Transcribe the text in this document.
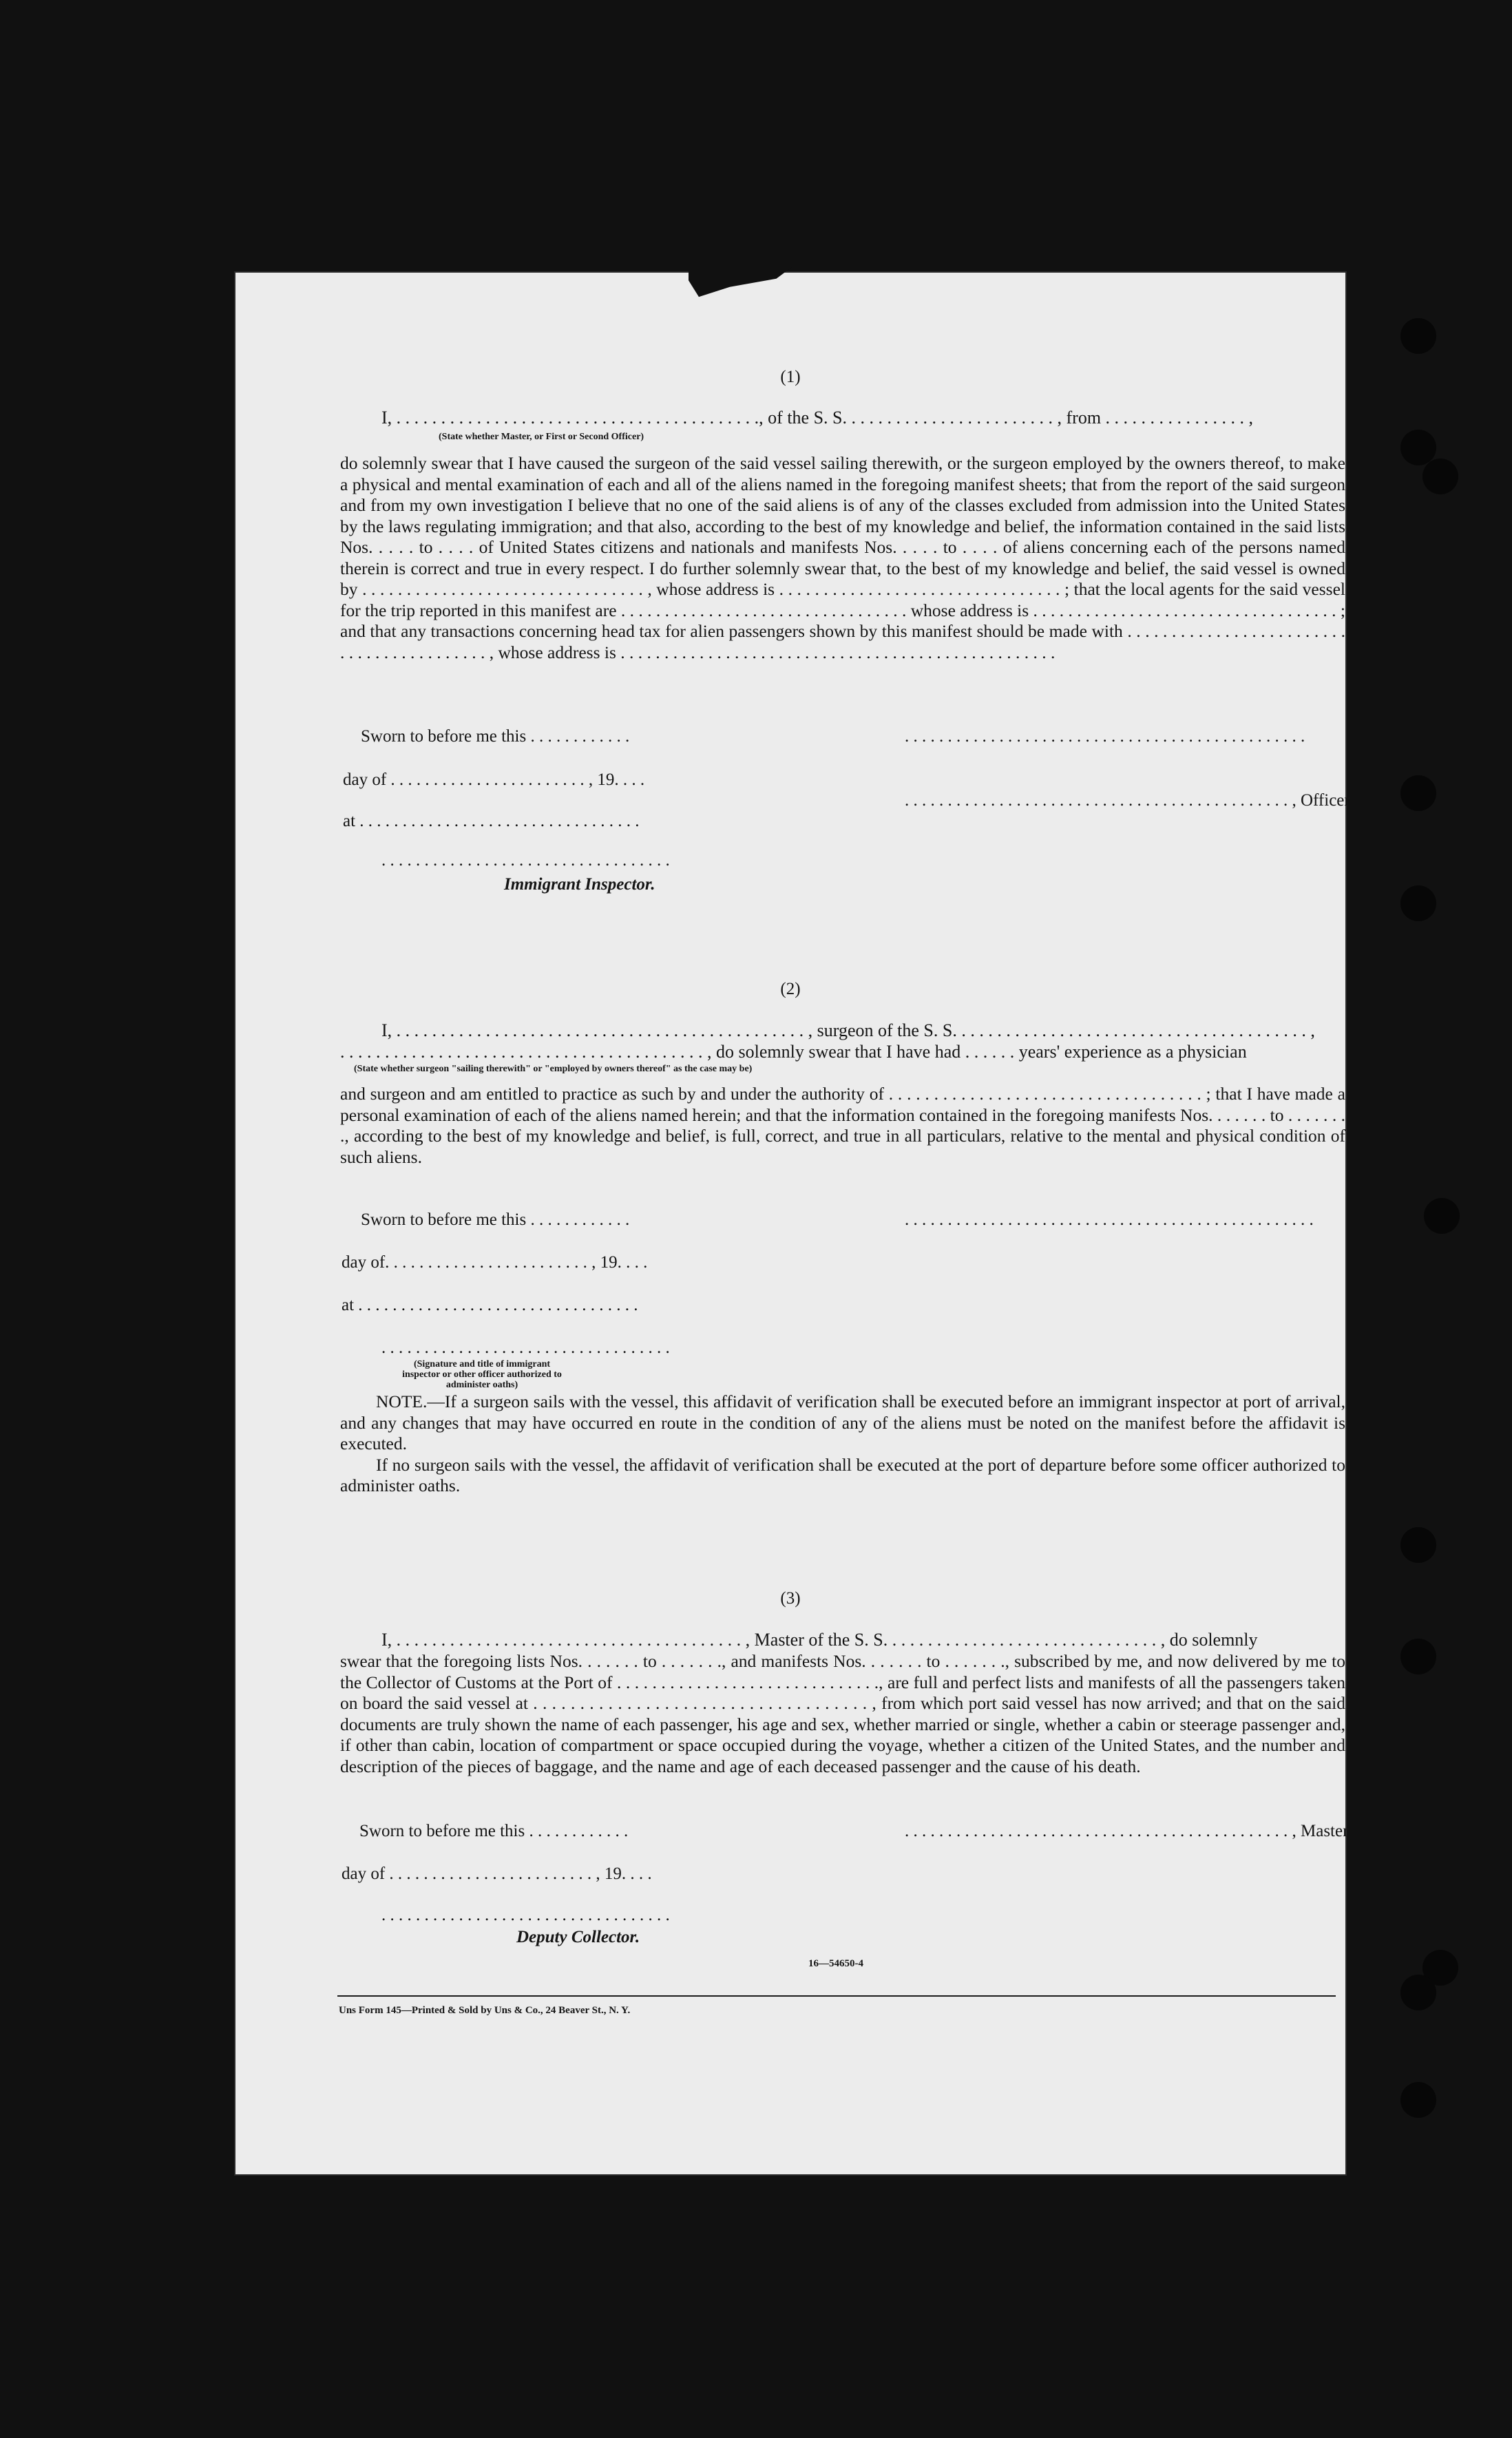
(1)
I, . . . . . . . . . . . . . . . . . . . . . . . . . . . . . . . . . . . . . . . . ., of the S. S. . . . . . . . . . . . . . . . . . . . . . . . , from . . . . . . . . . . . . . . . . ,
(State whether Master, or First or Second Officer)

do solemnly swear that I have caused the surgeon of the said vessel sailing therewith, or the surgeon employed by the owners thereof, to make a physical and mental examination of each and all of the aliens named in the foregoing manifest sheets; that from the report of the said surgeon and from my own investigation I believe that no one of the said aliens is of any of the classes excluded from admission into the United States by the laws regulating immigration; and that also, according to the best of my knowledge and belief, the information contained in the said lists Nos. . . . . to . . . . of United States citizens and nationals and manifests Nos. . . . . to . . . . of aliens concerning each of the persons named therein is correct and true in every respect. I do further solemnly swear that, to the best of my knowledge and belief, the said vessel is owned by . . . . . . . . . . . . . . . . . . . . . . . . . . . . . . . . , whose address is . . . . . . . . . . . . . . . . . . . . . . . . . . . . . . . . ; that the local agents for the said vessel for the trip reported in this manifest are . . . . . . . . . . . . . . . . . . . . . . . . . . . . . . . . . whose address is . . . . . . . . . . . . . . . . . . . . . . . . . . . . . . . . . . . ; and that any transactions concerning head tax for alien passengers shown by this manifest should be made with . . . . . . . . . . . . . . . . . . . . . . . . . . . . . . . . . . . . . . . . . . , whose address is . . . . . . . . . . . . . . . . . . . . . . . . . . . . . . . . . . . . . . . . . . . . . . . . . .

Sworn to before me this . . . . . . . . . . . .	. . . . . . . . . . . . . . . . . . . . . . . . . . . . . . . . . . . . . . . . . . . . . . .
day of . . . . . . . . . . . . . . . . . . . . . . . , 19. . . .
. . . . . . . . . . . . . . . . . . . . . . . . . . . . . . . . . . . . . . . . . . . . . , Officer
at . . . . . . . . . . . . . . . . . . . . . . . . . . . . . . . . .
. . . . . . . . . . . . . . . . . . . . . . . . . . . . . . . . . .
Immigrant Inspector.
(2)
I, . . . . . . . . . . . . . . . . . . . . . . . . . . . . . . . . . . . . . . . . . . . . . . , surgeon of the S. S. . . . . . . . . . . . . . . . . . . . . . . . . . . . . . . . . . . . . . . . ,
. . . . . . . . . . . . . . . . . . . . . . . . . . . . . . . . . . . . . . . . . , do solemnly swear that I have had . . . . . . years' experience as a physician
(State whether surgeon "sailing therewith" or "employed by owners thereof" as the case may be)

and surgeon and am entitled to practice as such by and under the authority of . . . . . . . . . . . . . . . . . . . . . . . . . . . . . . . . . . . ; that I have made a personal examination of each of the aliens named herein; and that the information contained in the foregoing manifests Nos. . . . . . . to . . . . . . . ., according to the best of my knowledge and belief, is full, correct, and true in all particulars, relative to the mental and physical condition of such aliens.

Sworn to before me this . . . . . . . . . . . .	. . . . . . . . . . . . . . . . . . . . . . . . . . . . . . . . . . . . . . . . . . . . . . . .
day of. . . . . . . . . . . . . . . . . . . . . . . . , 19. . . .
at . . . . . . . . . . . . . . . . . . . . . . . . . . . . . . . . .
. . . . . . . . . . . . . . . . . . . . . . . . . . . . . . . . . .
(Signature and title of immigrant inspector or other officer authorized to administer oaths)

NOTE.—If a surgeon sails with the vessel, this affidavit of verification shall be executed before an immigrant inspector at port of arrival, and any changes that may have occurred en route in the condition of any of the aliens must be noted on the manifest before the affidavit is executed.

If no surgeon sails with the vessel, the affidavit of verification shall be executed at the port of departure before some officer authorized to administer oaths.

(3)
I, . . . . . . . . . . . . . . . . . . . . . . . . . . . . . . . . . . . . . . . , Master of the S. S. . . . . . . . . . . . . . . . . . . . . . . . . . . . . . . , do solemnly

swear that the foregoing lists Nos. . . . . . . to . . . . . . ., and manifests Nos. . . . . . . to . . . . . . ., subscribed by me, and now delivered by me to the Collector of Customs at the Port of . . . . . . . . . . . . . . . . . . . . . . . . . . . . . ., are full and perfect lists and manifests of all the passengers taken on board the said vessel at . . . . . . . . . . . . . . . . . . . . . . . . . . . . . . . . . . . . , from which port said vessel has now arrived; and that on the said documents are truly shown the name of each passenger, his age and sex, whether married or single, whether a cabin or steerage passenger and, if other than cabin, location of compartment or space occupied during the voyage, whether a citizen of the United States, and the number and description of the pieces of baggage, and the name and age of each deceased passenger and the cause of his death.

Sworn to before me this . . . . . . . . . . . .	. . . . . . . . . . . . . . . . . . . . . . . . . . . . . . . . . . . . . . . . . . . . . , Master
day of . . . . . . . . . . . . . . . . . . . . . . . . , 19. . . .
. . . . . . . . . . . . . . . . . . . . . . . . . . . . . . . . . .
Deputy Collector.
16—54650-4
Uns Form 145—Printed & Sold by Uns & Co., 24 Beaver St., N. Y.
